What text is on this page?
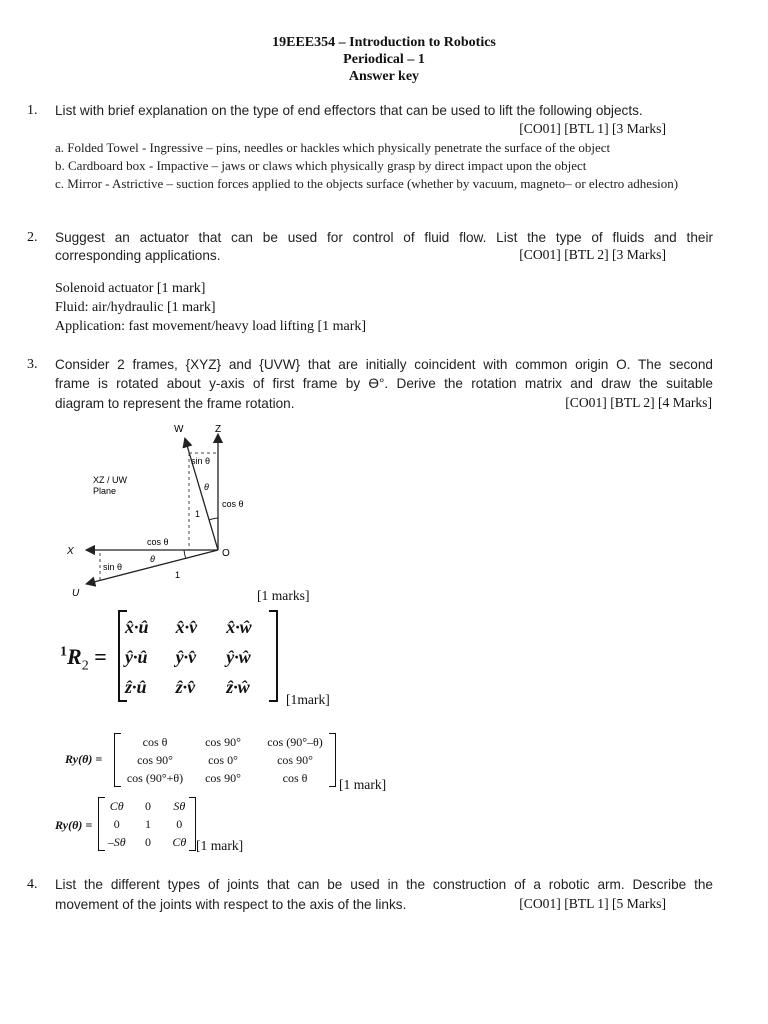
19EEE354 – Introduction to Robotics
Periodical – 1
Answer key
1. List with brief explanation on the type of end effectors that can be used to lift the following objects.
[CO01] [BTL 1] [3 Marks]
a. Folded Towel - Ingressive – pins, needles or hackles which physically penetrate the surface of the object
b. Cardboard box - Impactive – jaws or claws which physically grasp by direct impact upon the object
c. Mirror - Astrictive – suction forces applied to the objects surface (whether by vacuum, magneto– or electro adhesion)
2. Suggest an actuator that can be used for control of fluid flow. List the type of fluids and their
corresponding applications.	[CO01] [BTL 2] [3 Marks]
Solenoid actuator [1 mark]
Fluid: air/hydraulic [1 mark]
Application: fast movement/heavy load lifting [1 mark]
3. Consider 2 frames, {XYZ} and {UVW} that are initially coincident with common origin O. The second
frame is rotated about y-axis of first frame by ϴ°. Derive the rotation matrix and draw the suitable
diagram to represent the frame rotation.	[CO01] [BTL 2] [4 Marks]
W	Z
sin θ
θ
cos θ
1
XZ / UW
Plane
cos θ
θ
sin θ
1
O
X
U	[1 marks]
$^1R_2$ =
x̂·û	x̂·v̂	x̂·ŵ
ŷ·û	ŷ·v̂	ŷ·ŵ
ẑ·û	ẑ·v̂	ẑ·ŵ
[1mark]
Ry(θ) =
cos θ	cos 90°	cos (90°–θ)
cos 90°	cos 0°	cos 90°
cos (90°+θ)	cos 90°	cos θ [1 mark]
Ry(θ) =
Cθ	0	Sθ
0	1	0
–Sθ	0	Cθ [1 mark]
4. List the different types of joints that can be used in the construction of a robotic arm. Describe the
movement of the joints with respect to the axis of the links.	[CO01] [BTL 1] [5 Marks]
